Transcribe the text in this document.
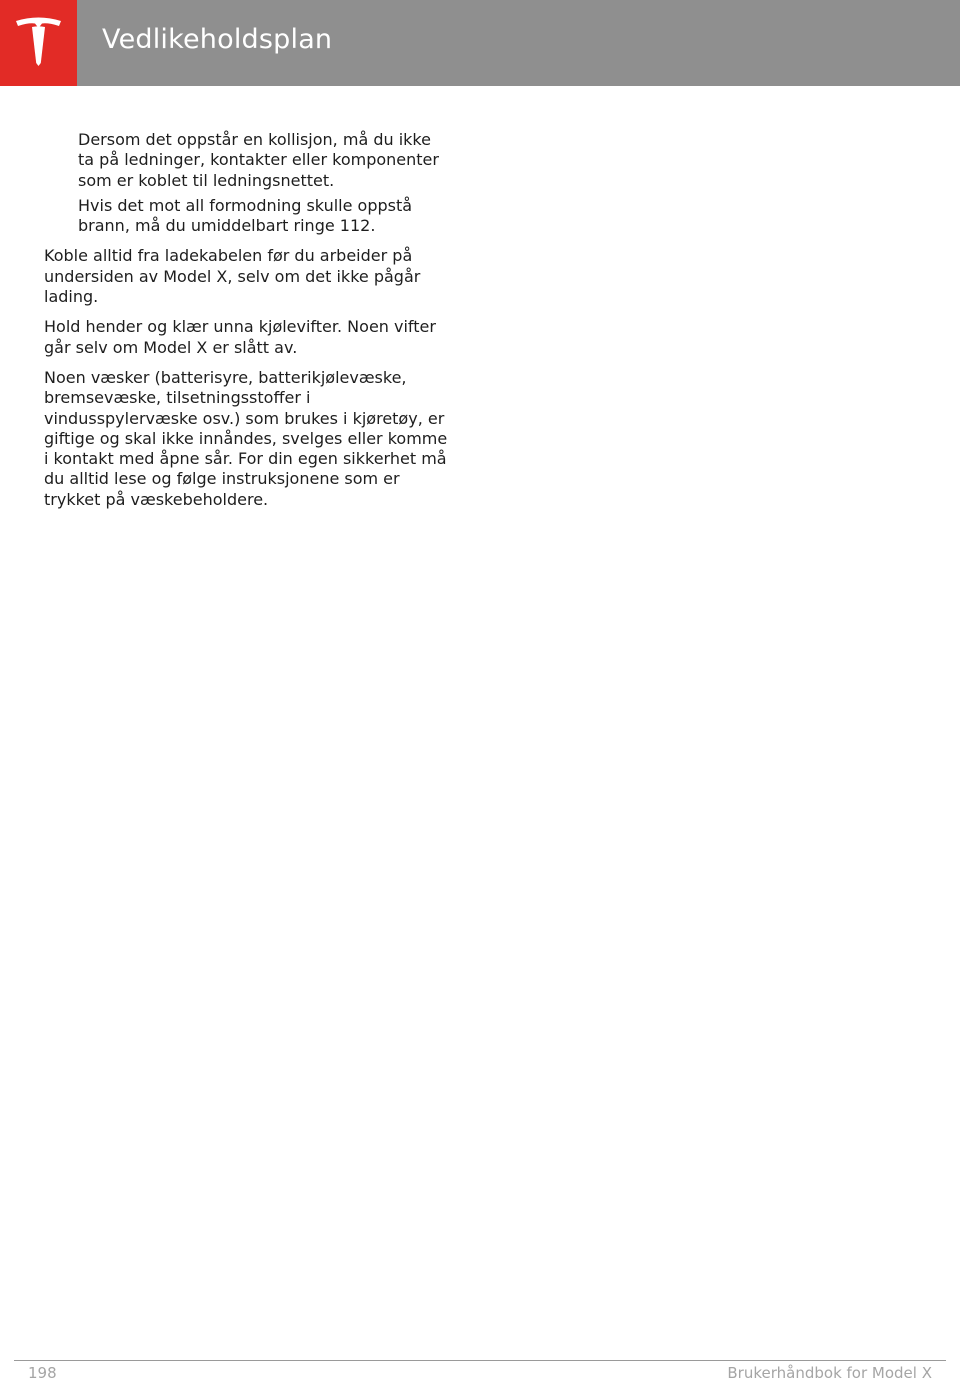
Vedlikeholdsplan

Dersom det oppstår en kollisjon, må du ikke ta på ledninger, kontakter eller komponenter som er koblet til ledningsnettet.

Hvis det mot all formodning skulle oppstå brann, må du umiddelbart ringe 112.

Koble alltid fra ladekabelen før du arbeider på undersiden av Model X, selv om det ikke pågår lading.

Hold hender og klær unna kjølevifter. Noen vifter går selv om Model X er slått av.

Noen væsker (batterisyre, batterikjølevæske, bremsevæske, tilsetningsstoffer i vindusspylervæske osv.) som brukes i kjøretøy, er giftige og skal ikke innåndes, svelges eller komme i kontakt med åpne sår. For din egen sikkerhet må du alltid lese og følge instruksjonene som er trykket på væskebeholdere.

198	Brukerhåndbok for Model X
